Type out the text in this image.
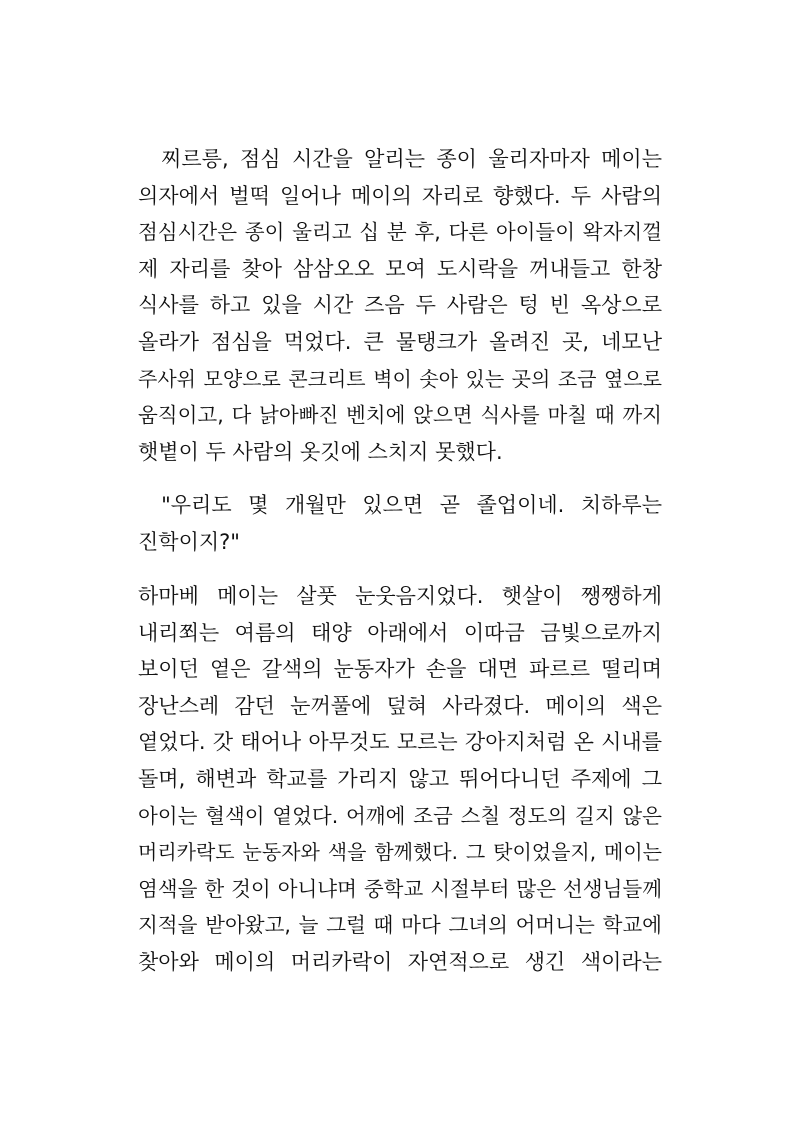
찌르릉, 점심 시간을 알리는 종이 울리자마자 메이는
의자에서 벌떡 일어나 메이의 자리로 향했다. 두 사람의
점심시간은 종이 울리고 십 분 후, 다른 아이들이 왁자지껄
제 자리를 찾아 삼삼오오 모여 도시락을 꺼내들고 한창
식사를 하고 있을 시간 즈음 두 사람은 텅 빈 옥상으로
올라가 점심을 먹었다. 큰 물탱크가 올려진 곳, 네모난
주사위 모양으로 콘크리트 벽이 솟아 있는 곳의 조금 옆으로
움직이고, 다 낡아빠진 벤치에 앉으면 식사를 마칠 때 까지
햇볕이 두 사람의 옷깃에 스치지 못했다.
"우리도 몇 개월만 있으면 곧 졸업이네. 치하루는
진학이지?"
하마베 메이는 살풋 눈웃음지었다. 햇살이 쨍쨍하게
내리쬐는 여름의 태양 아래에서 이따금 금빛으로까지
보이던 옅은 갈색의 눈동자가 손을 대면 파르르 떨리며
장난스레 감던 눈꺼풀에 덮혀 사라졌다. 메이의 색은
옅었다. 갓 태어나 아무것도 모르는 강아지처럼 온 시내를
돌며, 해변과 학교를 가리지 않고 뛰어다니던 주제에 그
아이는 혈색이 옅었다. 어깨에 조금 스칠 정도의 길지 않은
머리카락도 눈동자와 색을 함께했다. 그 탓이었을지, 메이는
염색을 한 것이 아니냐며 중학교 시절부터 많은 선생님들께
지적을 받아왔고, 늘 그럴 때 마다 그녀의 어머니는 학교에
찾아와 메이의 머리카락이 자연적으로 생긴 색이라는
